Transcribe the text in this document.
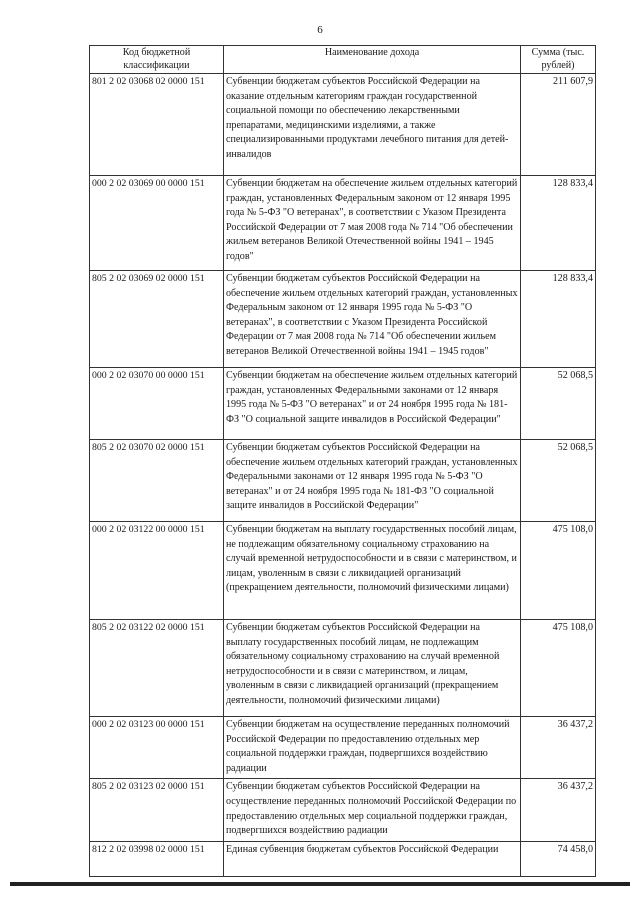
6
Код бюджетной классификации	Наименование дохода	Сумма (тыс. рублей)
801 2 02 03068 02 0000 151	Субвенции бюджетам субъектов Российской Федерации на оказание отдельным категориям граждан государственной социальной помощи по обеспечению лекарственными препаратами, медицинскими изделиями, а также специализированными продуктами лечебного питания для детей-инвалидов	211 607,9
000 2 02 03069 00 0000 151	Субвенции бюджетам на обеспечение жильем отдельных категорий граждан, установленных Федеральным законом от 12 января 1995 года № 5-ФЗ "О ветеранах", в соответствии с Указом Президента Российской Федерации от 7 мая 2008 года № 714 "Об обеспечении жильем ветеранов Великой Отечественной войны 1941 – 1945 годов"	128 833,4
805 2 02 03069 02 0000 151	Субвенции бюджетам субъектов Российской Федерации на обеспечение жильем отдельных категорий граждан, установленных Федеральным законом от 12 января 1995 года № 5-ФЗ "О ветеранах", в соответствии с Указом Президента Российской Федерации от 7 мая 2008 года № 714 "Об обеспечении жильем ветеранов Великой Отечественной войны 1941 – 1945 годов"	128 833,4
000 2 02 03070 00 0000 151	Субвенции бюджетам на обеспечение жильем отдельных категорий граждан, установленных Федеральными законами от 12 января 1995 года № 5-ФЗ "О ветеранах" и от 24 ноября 1995 года № 181-ФЗ "О социальной защите инвалидов в Российской Федерации"	52 068,5
805 2 02 03070 02 0000 151	Субвенции бюджетам субъектов Российской Федерации на обеспечение жильем отдельных категорий граждан, установленных Федеральными законами от 12 января 1995 года № 5-ФЗ "О ветеранах" и от 24 ноября 1995 года № 181-ФЗ "О социальной защите инвалидов в Российской Федерации"	52 068,5
000 2 02 03122 00 0000 151	Субвенции бюджетам на выплату государственных пособий лицам, не подлежащим обязательному социальному страхованию на случай временной нетрудоспособности и в связи с материнством, и лицам, уволенным в связи с ликвидацией организаций (прекращением деятельности, полномочий физическими лицами)	475 108,0
805 2 02 03122 02 0000 151	Субвенции бюджетам субъектов Российской Федерации на выплату государственных пособий лицам, не подлежащим обязательному социальному страхованию на случай временной нетрудоспособности и в связи с материнством, и лицам, уволенным в связи с ликвидацией организаций (прекращением деятельности, полномочий физическими лицами)	475 108,0
000 2 02 03123 00 0000 151	Субвенции бюджетам на осуществление переданных полномочий Российской Федерации по предоставлению отдельных мер социальной поддержки граждан, подвергшихся воздействию радиации	36 437,2
805 2 02 03123 02 0000 151	Субвенции бюджетам субъектов Российской Федерации на осуществление переданных полномочий Российской Федерации по предоставлению отдельных мер социальной поддержки граждан, подвергшихся воздействию радиации	36 437,2
812 2 02 03998 02 0000 151	Единая субвенция бюджетам субъектов Российской Федерации	74 458,0
